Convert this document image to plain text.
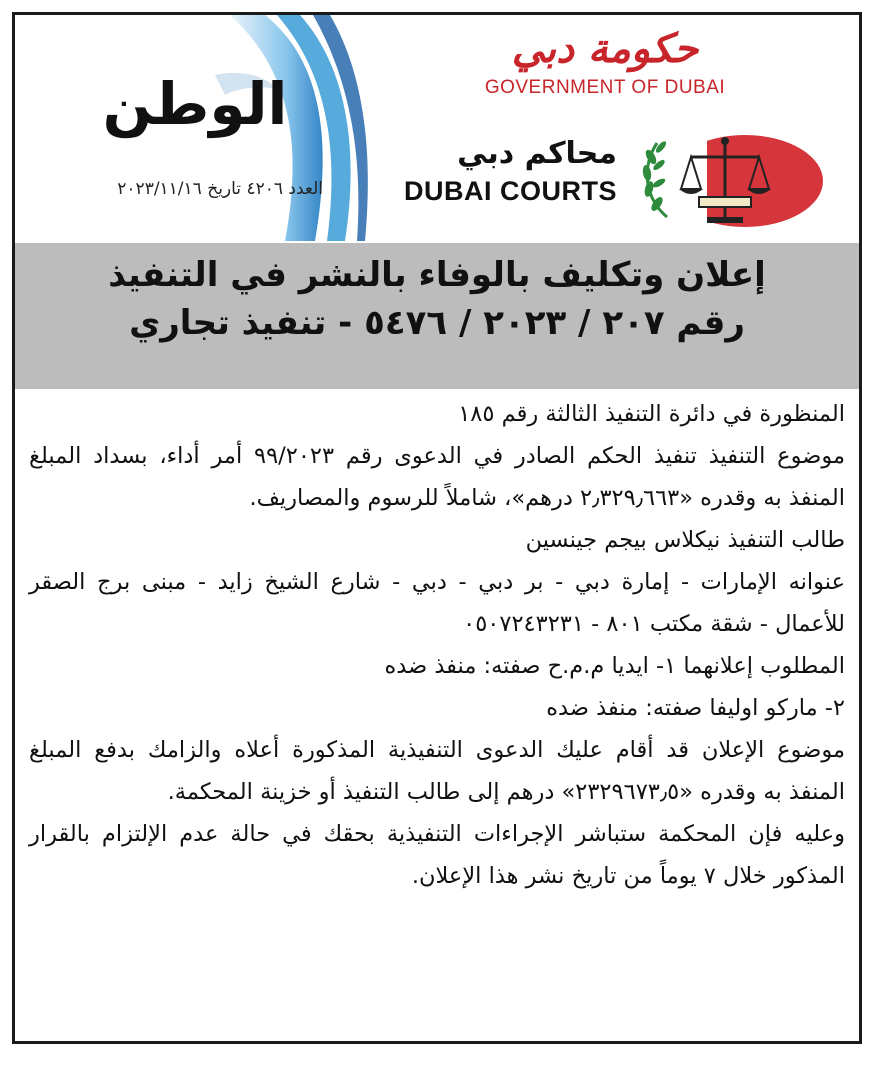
الوطن
العدد ٤٢٠٦ تاريخ ٢٠٢٣/١١/١٦
حكومة دبي
GOVERNMENT OF DUBAI
محاكم دبي
DUBAI COURTS
إعلان وتكليف بالوفاء بالنشر في التنفيذ
رقم ٢٠٧ / ٢٠٢٣ / ٥٤٧٦ - تنفيذ تجاري

المنظورة في دائرة التنفيذ الثالثة رقم ١٨٥

موضوع التنفيذ تنفيذ الحكم الصادر في الدعوى رقم ٩٩/٢٠٢٣ أمر أداء، بسداد المبلغ المنفذ به وقدره «٢٫٣٢٩٫٦٦٣ درهم»، شاملاً للرسوم والمصاريف.

طالب التنفيذ نيكلاس بيجم جينسين

عنوانه الإمارات - إمارة دبي - بر دبي - دبي - شارع الشيخ زايد - مبنى برج الصقر للأعمال - شقة مكتب ٨٠١ - ٠٥٠٧٢٤٣٢٣١

المطلوب إعلانهما ١- ايديا م.م.ح صفته: منفذ ضده

٢- ماركو اوليفا صفته: منفذ ضده

موضوع الإعلان قد أقام عليك الدعوى التنفيذية المذكورة أعلاه والزامك بدفع المبلغ المنفذ به وقدره «٢٣٢٩٦٧٣٫٥» درهم إلى طالب التنفيذ أو خزينة المحكمة.

وعليه فإن المحكمة ستباشر الإجراءات التنفيذية بحقك في حالة عدم الإلتزام بالقرار المذكور خلال ٧ يوماً من تاريخ نشر هذا الإعلان.
